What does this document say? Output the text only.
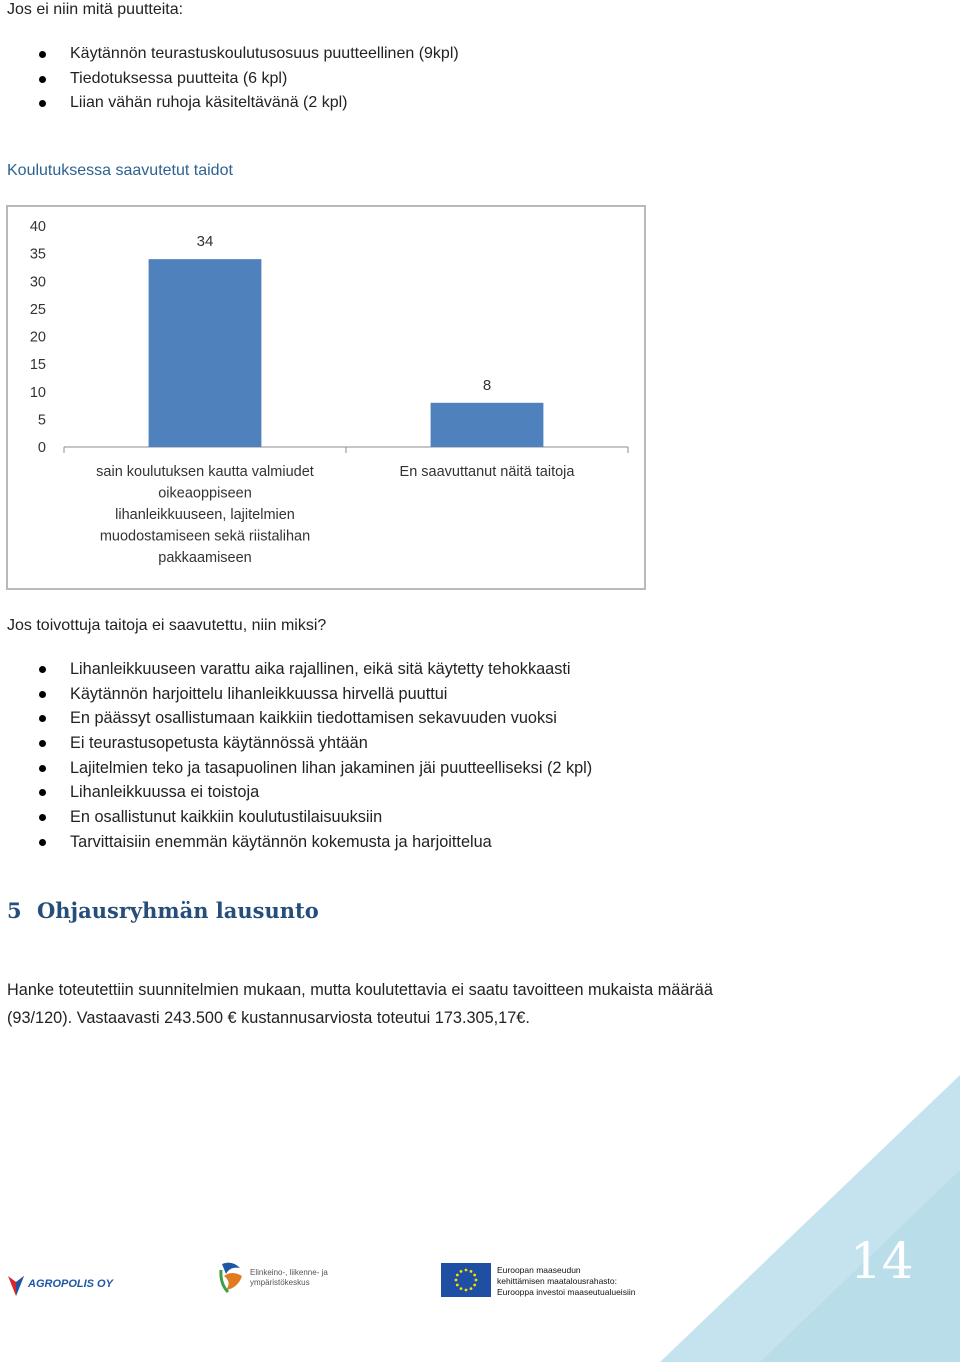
Jos ei niin mitä puutteita:
Käytännön teurastuskoulutusosuus puutteellinen (9kpl)
Tiedotuksessa puutteita (6 kpl)
Liian vähän ruhoja käsiteltävänä (2 kpl)
Koulutuksessa saavutetut taidot
0
5
10
15
20
25
30
35
40
34
sain koulutuksen kautta valmiudet oikeaoppiseen lihanleikkuuseen, lajitelmien muodostamiseen sekä riistalihan pakkaamiseen
8
En saavuttanut näitä taitoja
Jos toivottuja taitoja ei saavutettu, niin miksi?
Lihanleikkuuseen varattu aika rajallinen, eikä sitä käytetty tehokkaasti
Käytännön harjoittelu lihanleikkuussa hirvellä puuttui
En päässyt osallistumaan kaikkiin tiedottamisen sekavuuden vuoksi
Ei teurastusopetusta käytännössä yhtään
Lajitelmien teko ja tasapuolinen lihan jakaminen jäi puutteelliseksi (2 kpl)
Lihanleikkuussa ei toistoja
En osallistunut kaikkiin koulutustilaisuuksiin
Tarvittaisiin enemmän käytännön kokemusta ja harjoittelua
5 Ohjausryhmän lausunto
Hanke toteutettiin suunnitelmien mukaan, mutta koulutettavia ei saatu tavoitteen mukaista määrää
(93/120). Vastaavasti 243.500 € kustannusarviosta toteutui 173.305,17€.
AGROPOLIS OY
Elinkeino-, liikenne- ja
ympäristökeskus
Euroopan maaseudun
kehittämisen maatalousrahasto:
Eurooppa investoi maaseutualueisiin
14
